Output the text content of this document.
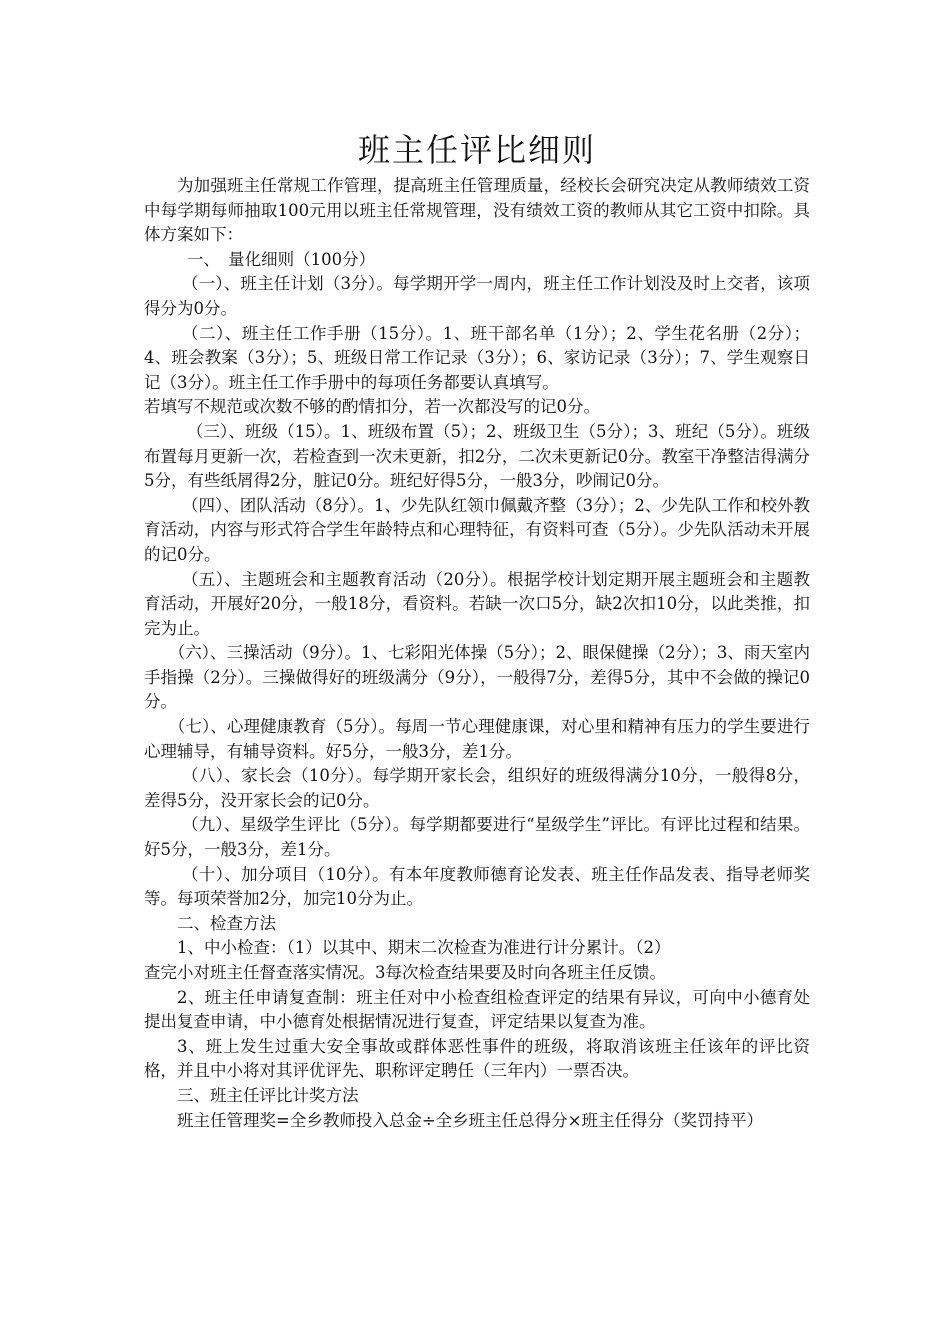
班主任评比细则

为加强班主任常规工作管理，提高班主任管理质量，经校长会研究决定从教师绩效工资中每学期每师抽取100元用以班主任常规管理，没有绩效工资的教师从其它工资中扣除。具体方案如下：

一、　量化细则（100分）

（一）、班主任计划（3分）。每学期开学一周内，班主任工作计划没及时上交者，该项得分为0分。

（二）、班主任工作手册（15分）。1、班干部名单（1分）；2、学生花名册（2分）；4、班会教案（3分）；5、班级日常工作记录（3分）；6、家访记录（3分）；7、学生观察日记（3分）。班主任工作手册中的每项任务都要认真填写。

若填写不规范或次数不够的酌情扣分，若一次都没写的记0分。

（三）、班级（15）。1、班级布置（5）；2、班级卫生（5分）；3、班纪（5分）。班级布置每月更新一次，若检查到一次未更新，扣2分，二次未更新记0分。教室干净整洁得满分5分，有些纸屑得2分，脏记0分。班纪好得5分，一般3分，吵闹记0分。

（四）、团队活动（8分）。1、少先队红领巾佩戴齐整（3分）；2、少先队工作和校外教育活动，内容与形式符合学生年龄特点和心理特征，有资料可查（5分）。少先队活动未开展的记0分。

（五）、主题班会和主题教育活动（20分）。根据学校计划定期开展主题班会和主题教育活动，开展好20分，一般18分，看资料。若缺一次口5分，缺2次扣10分，以此类推，扣完为止。

（六）、三操活动（9分）。1、七彩阳光体操（5分）；2、眼保健操（2分）；3、雨天室内手指操（2分）。三操做得好的班级满分（9分），一般得7分，差得5分，其中不会做的操记0分。

（七）、心理健康教育（5分）。每周一节心理健康课，对心里和精神有压力的学生要进行心理辅导，有辅导资料。好5分，一般3分，差1分。

（八）、家长会（10分）。每学期开家长会，组织好的班级得满分10分，一般得8分，差得5分，没开家长会的记0分。

（九）、星级学生评比（5分）。每学期都要进行“星级学生”评比。有评比过程和结果。好5分，一般3分，差1分。

（十）、加分项目（10分）。有本年度教师德育论发表、班主任作品发表、指导老师奖等。每项荣誉加2分，加完10分为止。

二、检查方法

1、中小检查：（1）以其中、期末二次检查为准进行计分累计。（2）

查完小对班主任督查落实情况。3每次检查结果要及时向各班主任反馈。

2、班主任申请复查制：班主任对中小检查组检查评定的结果有异议，可向中小德育处提出复查申请，中小德育处根据情况进行复查，评定结果以复查为准。

3、班上发生过重大安全事故或群体恶性事件的班级，将取消该班主任该年的评比资格，并且中小将对其评优评先、职称评定聘任（三年内）一票否决。

三、班主任评比计奖方法

班主任管理奖=全乡教师投入总金÷全乡班主任总得分×班主任得分（奖罚持平）
